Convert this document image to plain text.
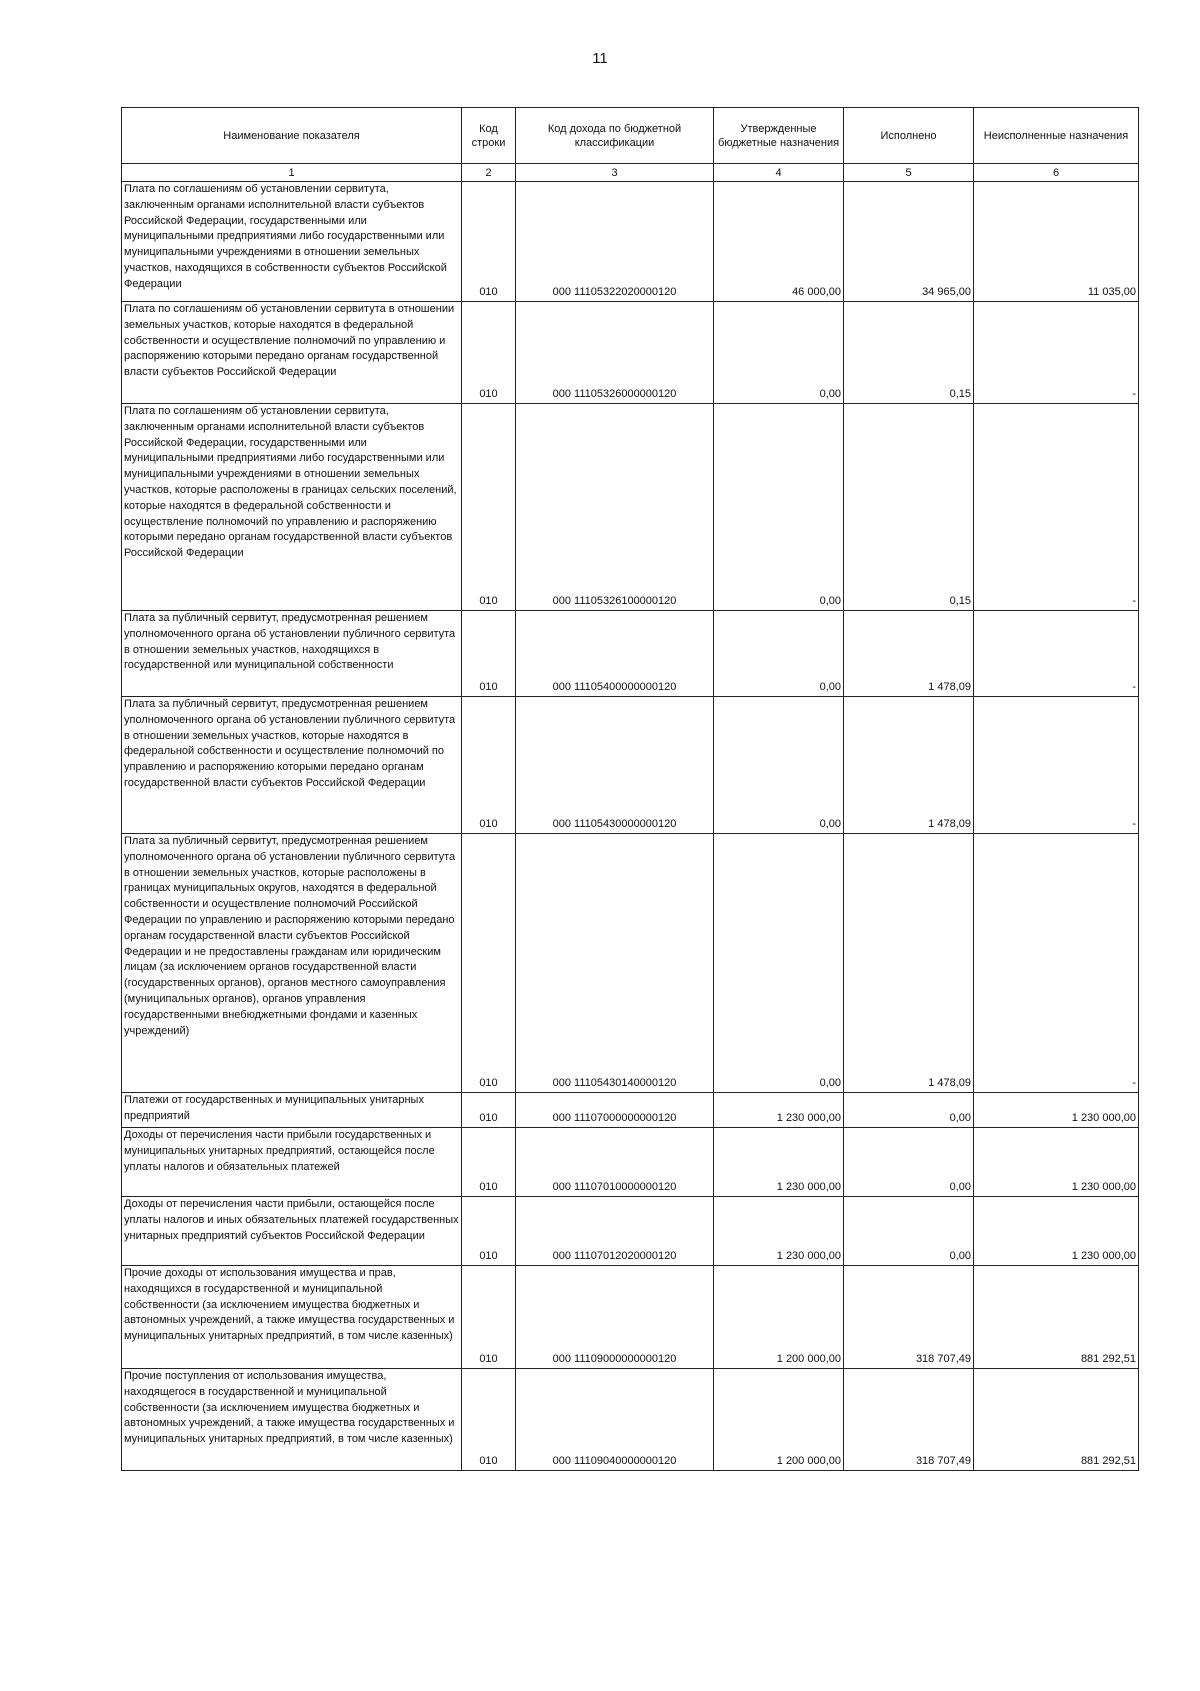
11
Наименование показателя	Код строки	Код дохода по бюджетной классификации	Утвержденные бюджетные назначения	Исполнено	Неисполненные назначения
1	2	3	4	5	6
Плата по соглашениям об установлении сервитута, заключенным органами исполнительной власти субъектов Российской Федерации, государственными или муниципальными предприятиями либо государственными или муниципальными учреждениями в отношении земельных участков, находящихся в собственности субъектов Российской Федерации	010	000 11105322020000120	46 000,00	34 965,00	11 035,00
Плата по соглашениям об установлении сервитута в отношении земельных участков, которые находятся в федеральной собственности и осуществление полномочий по управлению и распоряжению которыми передано органам государственной власти субъектов Российской Федерации	010	000 11105326000000120	0,00	0,15	-
Плата по соглашениям об установлении сервитута, заключенным органами исполнительной власти субъектов Российской Федерации, государственными или муниципальными предприятиями либо государственными или муниципальными учреждениями в отношении земельных участков, которые расположены в границах сельских поселений, которые находятся в федеральной собственности и осуществление полномочий по управлению и распоряжению которыми передано органам государственной власти субъектов Российской Федерации	010	000 11105326100000120	0,00	0,15	-
Плата за публичный сервитут, предусмотренная решением уполномоченного органа об установлении публичного сервитута в отношении земельных участков, находящихся в государственной или муниципальной собственности	010	000 11105400000000120	0,00	1 478,09	-
Плата за публичный сервитут, предусмотренная решением уполномоченного органа об установлении публичного сервитута в отношении земельных участков, которые находятся в федеральной собственности и осуществление полномочий по управлению и распоряжению которыми передано органам государственной власти субъектов Российской Федерации	010	000 11105430000000120	0,00	1 478,09	-
Плата за публичный сервитут, предусмотренная решением уполномоченного органа об установлении публичного сервитута в отношении земельных участков, которые расположены в границах муниципальных округов, находятся в федеральной собственности и осуществление полномочий Российской Федерации по управлению и распоряжению которыми передано органам государственной власти субъектов Российской Федерации и не предоставлены гражданам или юридическим лицам (за исключением органов государственной власти (государственных органов), органов местного самоуправления (муниципальных органов), органов управления государственными внебюджетными фондами и казенных учреждений)	010	000 11105430140000120	0,00	1 478,09	-
Платежи от государственных и муниципальных унитарных предприятий	010	000 11107000000000120	1 230 000,00	0,00	1 230 000,00
Доходы от перечисления части прибыли государственных и муниципальных унитарных предприятий, остающейся после уплаты налогов и обязательных платежей	010	000 11107010000000120	1 230 000,00	0,00	1 230 000,00
Доходы от перечисления части прибыли, остающейся после уплаты налогов и иных обязательных платежей государственных унитарных предприятий субъектов Российской Федерации	010	000 11107012020000120	1 230 000,00	0,00	1 230 000,00
Прочие доходы от использования имущества и прав, находящихся в государственной и муниципальной собственности (за исключением имущества бюджетных и автономных учреждений, а также имущества государственных и муниципальных унитарных предприятий, в том числе казенных)	010	000 11109000000000120	1 200 000,00	318 707,49	881 292,51
Прочие поступления от использования имущества, находящегося в государственной и муниципальной собственности (за исключением имущества бюджетных и автономных учреждений, а также имущества государственных и муниципальных унитарных предприятий, в том числе казенных)	010	000 11109040000000120	1 200 000,00	318 707,49	881 292,51
